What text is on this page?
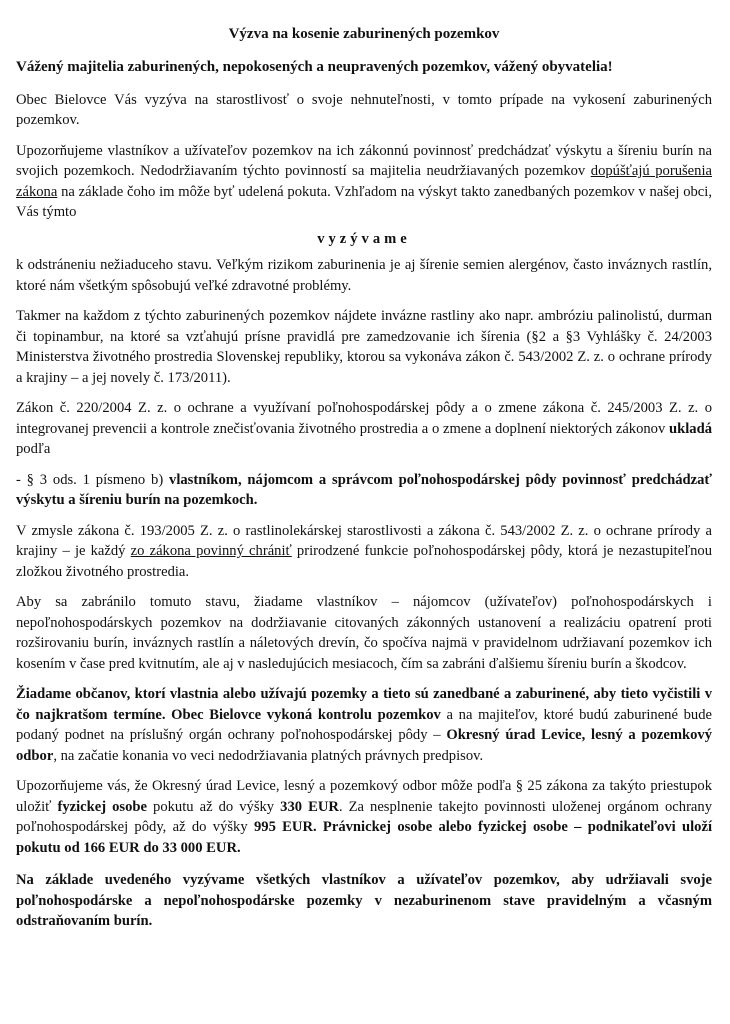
Výzva na kosenie zaburinených pozemkov

Vážený majitelia zaburinených, nepokosených a neupravených pozemkov, vážený obyvatelia!

Obec Bielovce Vás vyzýva na starostlivosť o svoje nehnuteľnosti, v tomto prípade na vykosení zaburinených pozemkov.

Upozorňujeme vlastníkov a užívateľov pozemkov na ich zákonnú povinnosť predchádzať výskytu a šíreniu burín na svojich pozemkoch. Nedodržiavaním týchto povinností sa majitelia neudržiavaných pozemkov dopúšťajú porušenia zákona na základe čoho im môže byť udelená pokuta. Vzhľadom na výskyt takto zanedbaných pozemkov v našej obci, Vás týmto

vyzývame

k odstráneniu nežiaduceho stavu. Veľkým rizikom zaburinenia je aj šírenie semien alergénov, často inváznych rastlín, ktoré nám všetkým spôsobujú veľké zdravotné problémy.

Takmer na každom z týchto zaburinených pozemkov nájdete invázne rastliny ako napr. ambróziu palinolistú, durman či topinambur, na ktoré sa vzťahujú prísne pravidlá pre zamedzovanie ich šírenia (§2 a §3 Vyhlášky č. 24/2003 Ministerstva životného prostredia Slovenskej republiky, ktorou sa vykonáva zákon č. 543/2002 Z. z. o ochrane prírody a krajiny – a jej novely č. 173/2011).

Zákon č. 220/2004 Z. z. o ochrane a využívaní poľnohospodárskej pôdy a o zmene zákona č. 245/2003 Z. z. o integrovanej prevencii a kontrole znečisťovania životného prostredia a o zmene a doplnení niektorých zákonov ukladá podľa

- § 3 ods. 1 písmeno b) vlastníkom, nájomcom a správcom poľnohospodárskej pôdy povinnosť predchádzať výskytu a šíreniu burín na pozemkoch.

V zmysle zákona č. 193/2005 Z. z. o rastlinolekárskej starostlivosti a zákona č. 543/2002 Z. z. o ochrane prírody a krajiny – je každý zo zákona povinný chrániť prirodzené funkcie poľnohospodárskej pôdy, ktorá je nezastupiteľnou zložkou životného prostredia.

Aby sa zabránilo tomuto stavu, žiadame vlastníkov – nájomcov (užívateľov) poľnohospodárskych i nepoľnohospodárskych pozemkov na dodržiavanie citovaných zákonných ustanovení a realizáciu opatrení proti rozširovaniu burín, inváznych rastlín a náletových drevín, čo spočíva najmä v pravidelnom udržiavaní pozemkov ich kosením v čase pred kvitnutím, ale aj v nasledujúcich mesiacoch, čím sa zabráni ďalšiemu šíreniu burín a škodcov.

Žiadame občanov, ktorí vlastnia alebo užívajú pozemky a tieto sú zanedbané a zaburinené, aby tieto vyčistili v čo najkratšom termíne. Obec Bielovce vykoná kontrolu pozemkov a na majiteľov, ktoré budú zaburinené bude podaný podnet na príslušný orgán ochrany poľnohospodárskej pôdy – Okresný úrad Levice, lesný a pozemkový odbor, na začatie konania vo veci nedodržiavania platných právnych predpisov.

Upozorňujeme vás, že Okresný úrad Levice, lesný a pozemkový odbor môže podľa § 25 zákona za takýto priestupok uložiť fyzickej osobe pokutu až do výšky 330 EUR. Za nesplnenie takejto povinnosti uloženej orgánom ochrany poľnohospodárskej pôdy, až do výšky 995 EUR. Právnickej osobe alebo fyzickej osobe – podnikateľovi uloží pokutu od 166 EUR do 33 000 EUR.

Na základe uvedeného vyzývame všetkých vlastníkov a užívateľov pozemkov, aby udržiavali svoje poľnohospodárske a nepoľnohospodárske pozemky v nezaburinenom stave pravidelným a včasným odstraňovaním burín.
